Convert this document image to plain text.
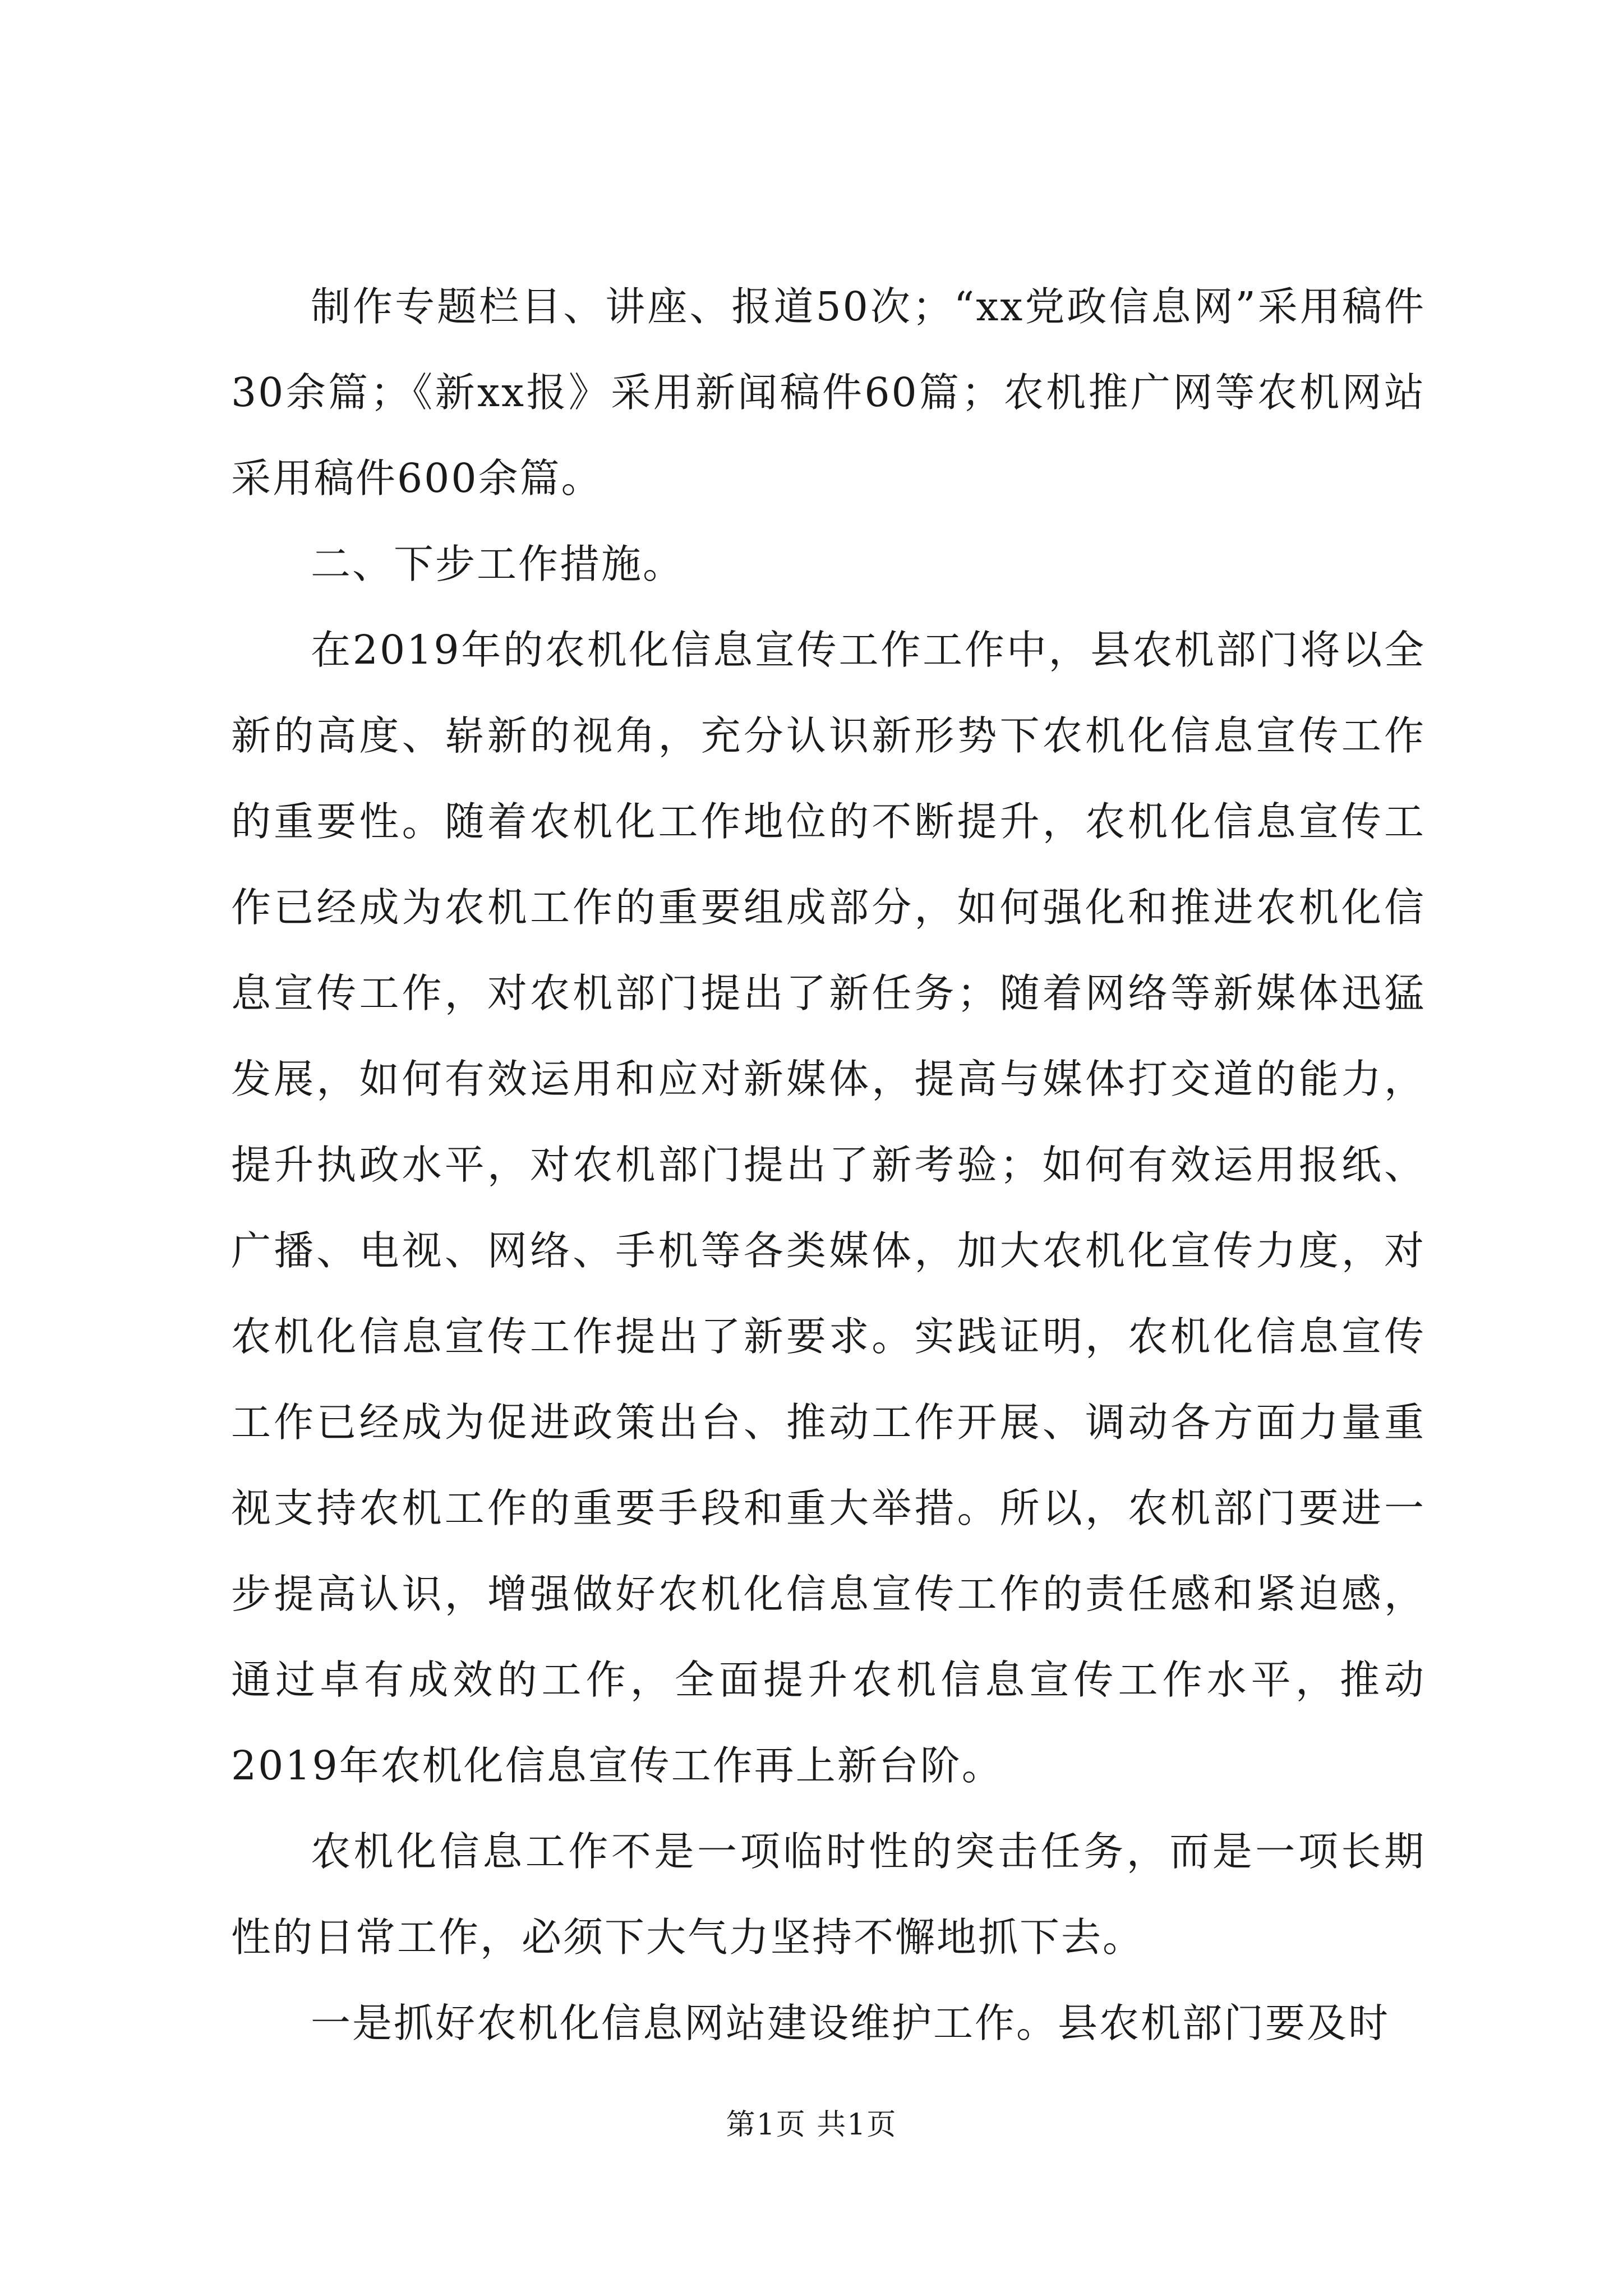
制作专题栏目、讲座、报道50次；“xx党政信息网”采用稿件30余篇；《新xx报》采用新闻稿件60篇；农机推广网等农机网站采用稿件600余篇。

二、下步工作措施。

在2019年的农机化信息宣传工作工作中，县农机部门将以全新的高度、崭新的视角，充分认识新形势下农机化信息宣传工作的重要性。随着农机化工作地位的不断提升，农机化信息宣传工作已经成为农机工作的重要组成部分，如何强化和推进农机化信息宣传工作，对农机部门提出了新任务；随着网络等新媒体迅猛发展，如何有效运用和应对新媒体，提高与媒体打交道的能力，提升执政水平，对农机部门提出了新考验；如何有效运用报纸、广播、电视、网络、手机等各类媒体，加大农机化宣传力度，对农机化信息宣传工作提出了新要求。实践证明，农机化信息宣传工作已经成为促进政策出台、推动工作开展、调动各方面力量重视支持农机工作的重要手段和重大举措。所以，农机部门要进一步提高认识，增强做好农机化信息宣传工作的责任感和紧迫感，通过卓有成效的工作，全面提升农机信息宣传工作水平，推动2019年农机化信息宣传工作再上新台阶。

农机化信息工作不是一项临时性的突击任务，而是一项长期性的日常工作，必须下大气力坚持不懈地抓下去。

一是抓好农机化信息网站建设维护工作。县农机部门要及时

第1页 共1页
